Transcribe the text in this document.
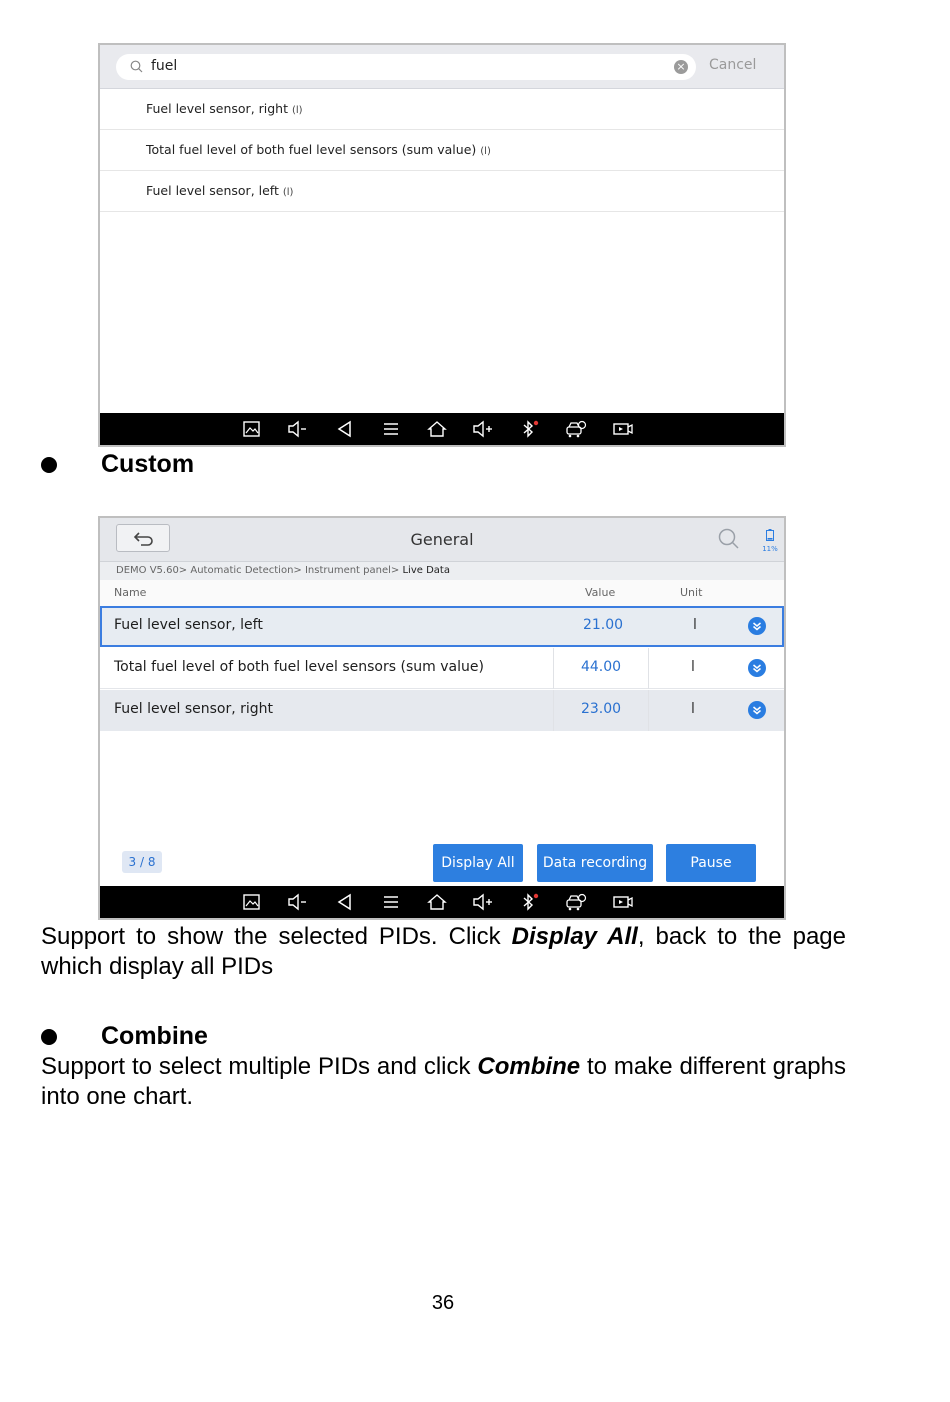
fuel	× Cancel
Fuel level sensor, right (l)
Total fuel level of both fuel level sensors (sum value) (l)
Fuel level sensor, left (l)
Custom
General	11%
DEMO V5.60> Automatic Detection> Instrument panel> Live Data
Name	Value	Unit
Fuel level sensor, left	21.00	l
Total fuel level of both fuel level sensors (sum value)	44.00	l
Fuel level sensor, right	23.00	l
3 / 8	Display All	Data recording	Pause
Support to show the selected PIDs. Click Display All, back to the page which display all PIDs
Combine
Support to select multiple PIDs and click Combine to make different graphs into one chart.
36
